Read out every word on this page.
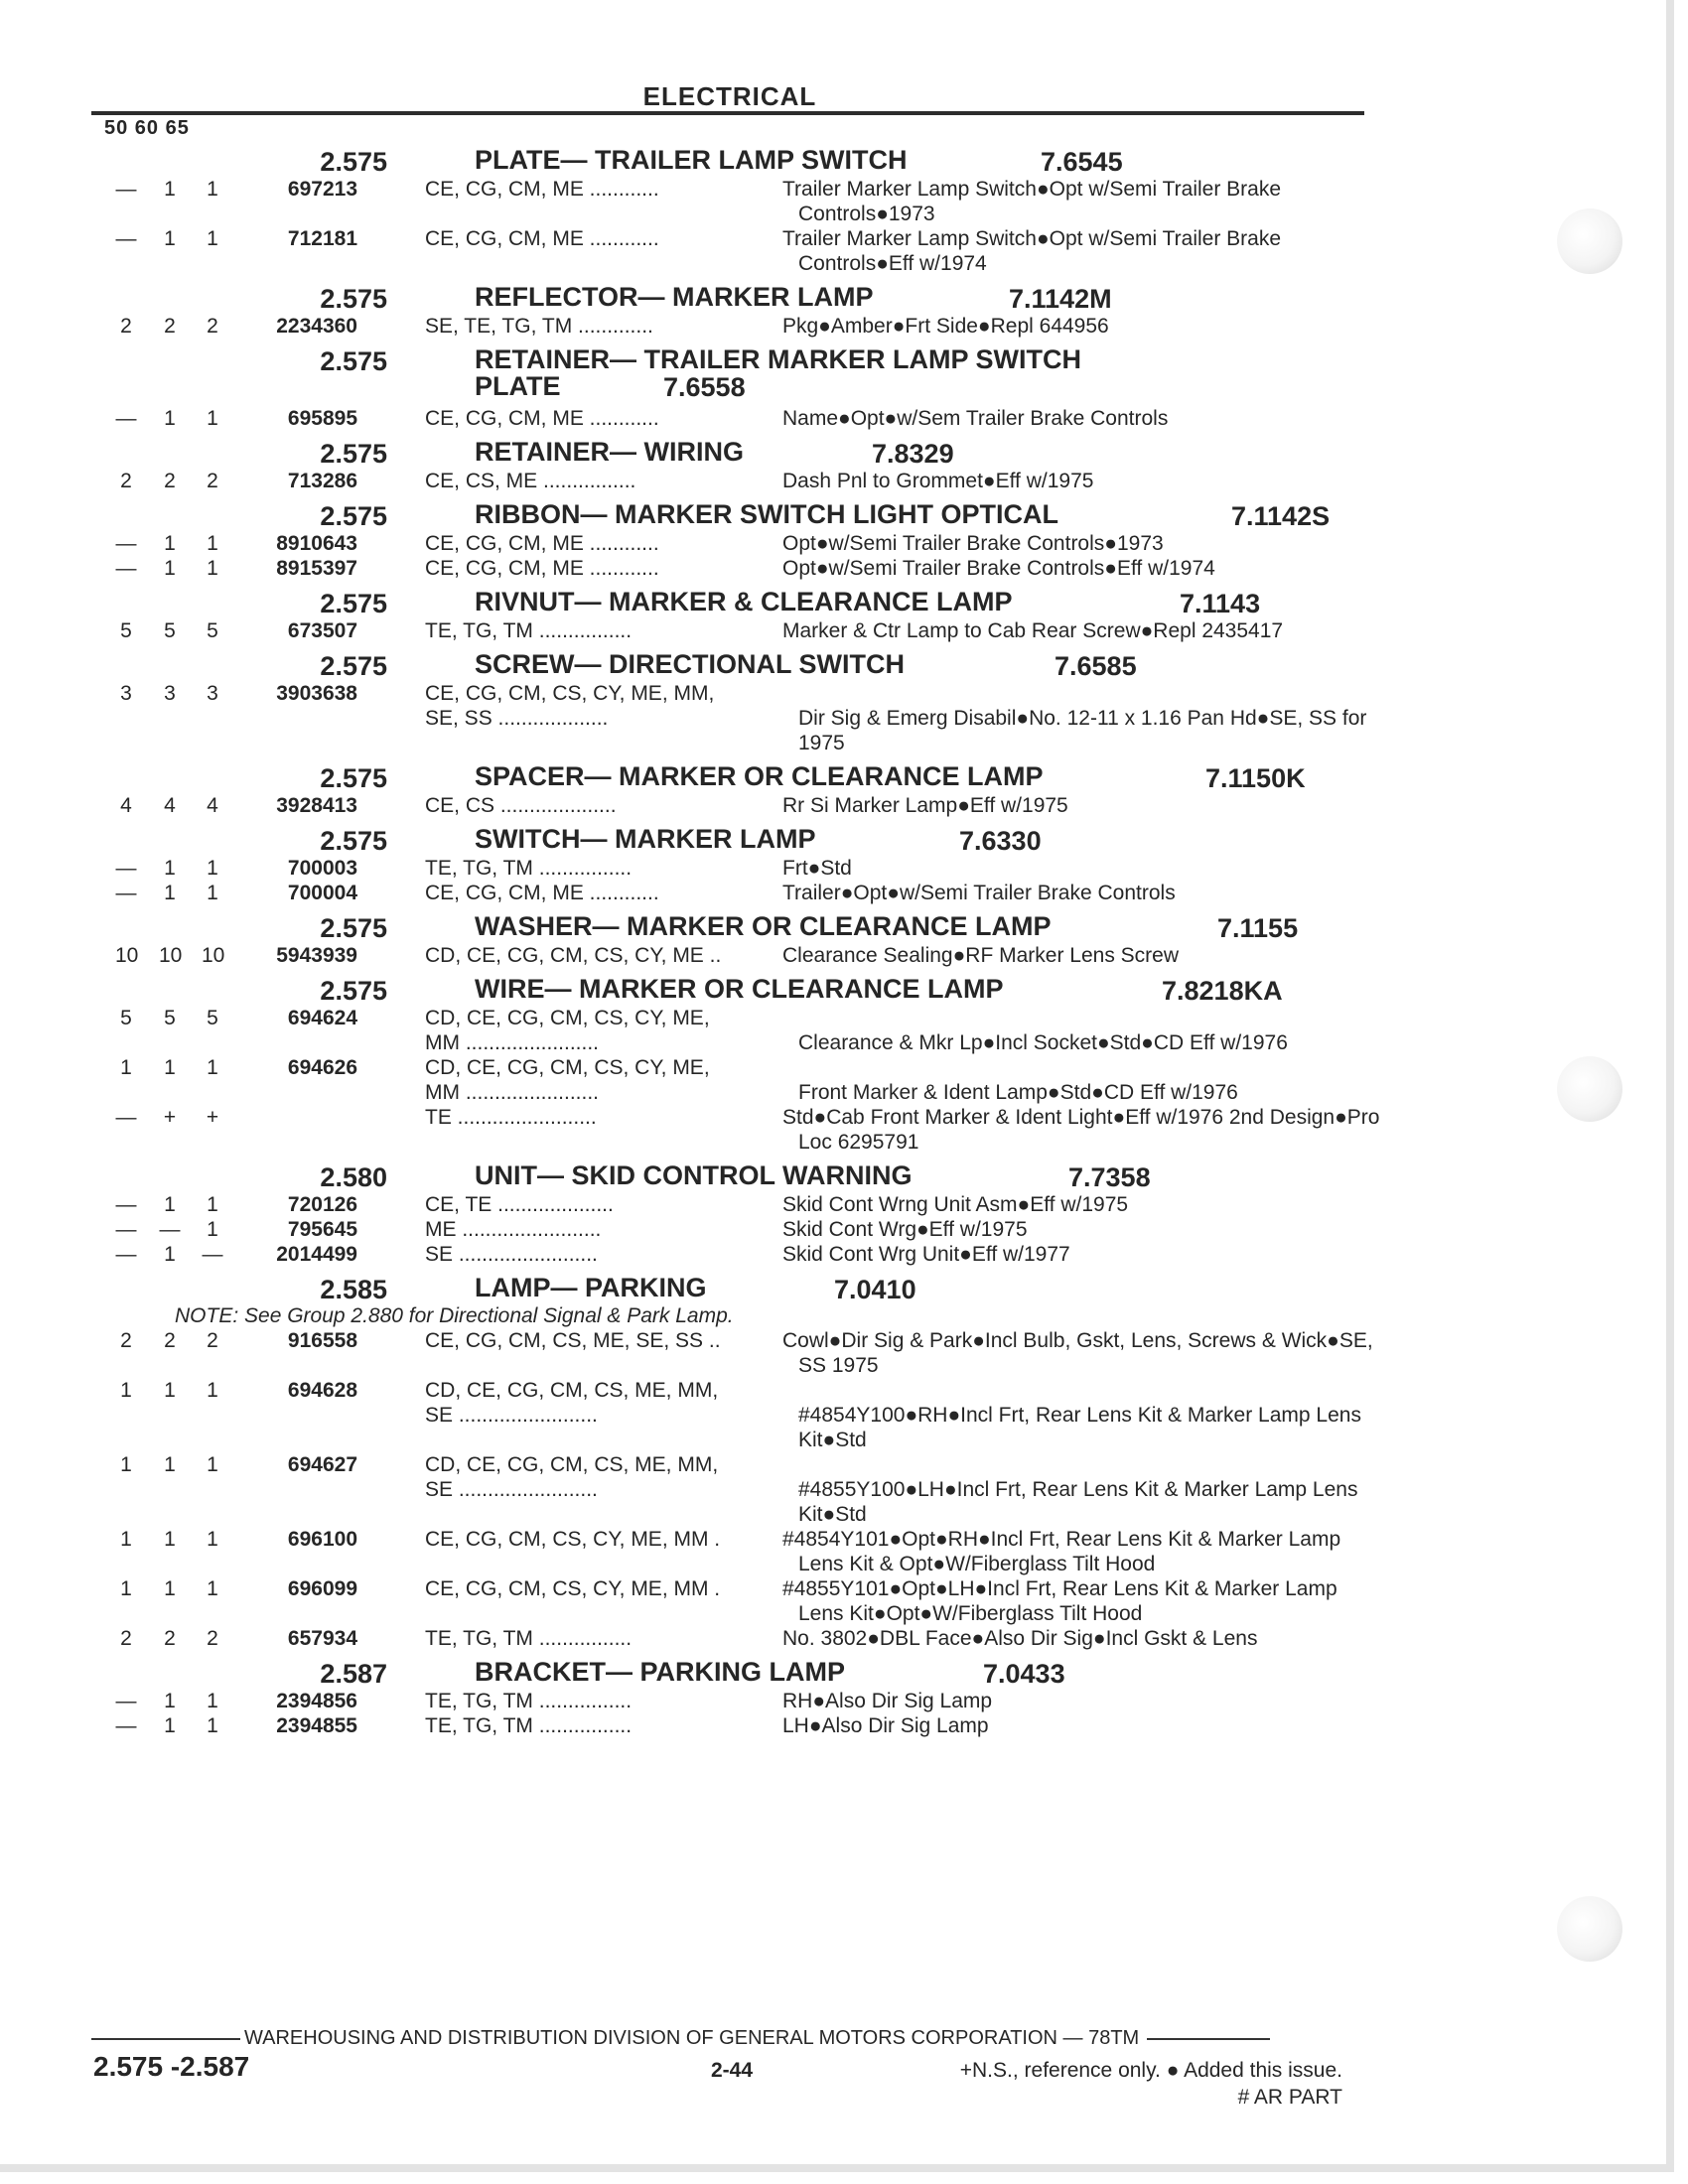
ELECTRICAL
50 60 65
2.575	PLATE— TRAILER LAMP SWITCH	7.6545
— 1 1	697213	CE, CG, CM, ME ............	Trailer Marker Lamp Switch●Opt w/Semi Trailer Brake Controls●1973
— 1 1	712181	CE, CG, CM, ME ............	Trailer Marker Lamp Switch●Opt w/Semi Trailer Brake Controls●Eff w/1974
2.575	REFLECTOR— MARKER LAMP	7.1142M
2 2 2	2234360	SE, TE, TG, TM .............	Pkg●Amber●Frt Side●Repl 644956
2.575	RETAINER— TRAILER MARKER LAMP SWITCH
PLATE	7.6558
— 1 1	695895	CE, CG, CM, ME ............	Name●Opt●w/Sem Trailer Brake Controls
2.575	RETAINER— WIRING	7.8329
2 2 2	713286	CE, CS, ME ................	Dash Pnl to Grommet●Eff w/1975
2.575	RIBBON— MARKER SWITCH LIGHT OPTICAL	7.1142S
— 1 1	8910643	CE, CG, CM, ME ............	Opt●w/Semi Trailer Brake Controls●1973
— 1 1	8915397	CE, CG, CM, ME ............	Opt●w/Semi Trailer Brake Controls●Eff w/1974
2.575	RIVNUT— MARKER & CLEARANCE LAMP	7.1143
5 5 5	673507	TE, TG, TM ................	Marker & Ctr Lamp to Cab Rear Screw●Repl 2435417
2.575	SCREW— DIRECTIONAL SWITCH	7.6585
3 3 3	3903638	CE, CG, CM, CS, CY, ME, MM,
SE, SS ...................	
Dir Sig & Emerg Disabil●No. 12-11 x 1.16 Pan Hd●SE, SS for 1975
2.575	SPACER— MARKER OR CLEARANCE LAMP	7.1150K
4 4 4	3928413	CE, CS ....................	Rr Si Marker Lamp●Eff w/1975
2.575	SWITCH— MARKER LAMP	7.6330
— 1 1	700003	TE, TG, TM ................	Frt●Std
— 1 1	700004	CE, CG, CM, ME ............	Trailer●Opt●w/Semi Trailer Brake Controls
2.575	WASHER— MARKER OR CLEARANCE LAMP	7.1155
10 10 10	5943939	CD, CE, CG, CM, CS, CY, ME ..	Clearance Sealing●RF Marker Lens Screw
2.575	WIRE— MARKER OR CLEARANCE LAMP	7.8218KA
5 5 5	694624	CD, CE, CG, CM, CS, CY, ME,
MM .......................	
Clearance & Mkr Lp●Incl Socket●Std●CD Eff w/1976
1 1 1	694626	CD, CE, CG, CM, CS, CY, ME,
MM .......................	
Front Marker & Ident Lamp●Std●CD Eff w/1976
— + +	TE ........................	Std●Cab Front Marker & Ident Light●Eff w/1976 2nd Design●Pro Loc 6295791
2.580	UNIT— SKID CONTROL WARNING	7.7358
— 1 1	720126	CE, TE ....................	Skid Cont Wrng Unit Asm●Eff w/1975
— — 1	795645	ME ........................	Skid Cont Wrg●Eff w/1975
— 1 —	2014499	SE ........................	Skid Cont Wrg Unit●Eff w/1977
2.585	LAMP— PARKING	7.0410
NOTE: See Group 2.880 for Directional Signal & Park Lamp.
2 2 2	916558	CE, CG, CM, CS, ME, SE, SS ..	Cowl●Dir Sig & Park●Incl Bulb, Gskt, Lens, Screws & Wick●SE, SS 1975
1 1 1	694628	CD, CE, CG, CM, CS, ME, MM,
SE ........................	
#4854Y100●RH●Incl Frt, Rear Lens Kit & Marker Lamp Lens Kit●Std
1 1 1	694627	CD, CE, CG, CM, CS, ME, MM,
SE ........................	
#4855Y100●LH●Incl Frt, Rear Lens Kit & Marker Lamp Lens Kit●Std
1 1 1	696100	CE, CG, CM, CS, CY, ME, MM .	#4854Y101●Opt●RH●Incl Frt, Rear Lens Kit & Marker Lamp Lens Kit & Opt●W/Fiberglass Tilt Hood
1 1 1	696099	CE, CG, CM, CS, CY, ME, MM .	#4855Y101●Opt●LH●Incl Frt, Rear Lens Kit & Marker Lamp Lens Kit●Opt●W/Fiberglass Tilt Hood
2 2 2	657934	TE, TG, TM ................	No. 3802●DBL Face●Also Dir Sig●Incl Gskt & Lens
2.587	BRACKET— PARKING LAMP	7.0433
— 1 1	2394856	TE, TG, TM ................	RH●Also Dir Sig Lamp
— 1 1	2394855	TE, TG, TM ................	LH●Also Dir Sig Lamp
WAREHOUSING AND DISTRIBUTION DIVISION OF GENERAL MOTORS CORPORATION — 78TM
2.575 -2.587	2-44	+N.S., reference only. ● Added this issue.
# AR PART
